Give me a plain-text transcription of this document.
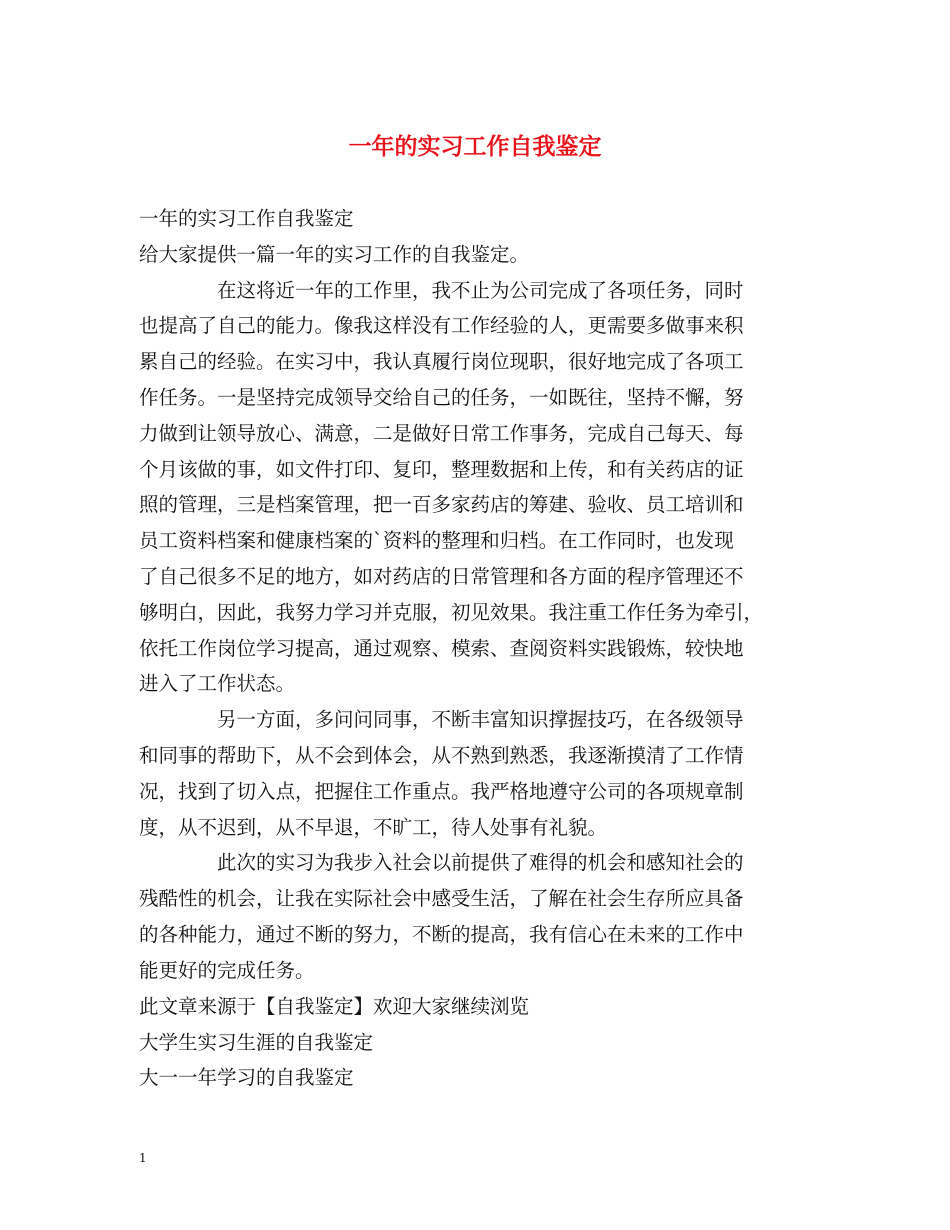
一年的实习工作自我鉴定

一年的实习工作自我鉴定

给大家提供一篇一年的实习工作的自我鉴定。

　　　　在这将近一年的工作里，我不止为公司完成了各项任务，同时

也提高了自己的能力。像我这样没有工作经验的人，更需要多做事来积

累自己的经验。在实习中，我认真履行岗位现职，很好地完成了各项工

作任务。一是坚持完成领导交给自己的任务，一如既往，坚持不懈，努

力做到让领导放心、满意，二是做好日常工作事务，完成自己每天、每

个月该做的事，如文件打印、复印，整理数据和上传，和有关药店的证

照的管理，三是档案管理，把一百多家药店的筹建、验收、员工培训和

员工资料档案和健康档案的`资料的整理和归档。在工作同时，也发现

了自己很多不足的地方，如对药店的日常管理和各方面的程序管理还不

够明白，因此，我努力学习并克服，初见效果。我注重工作任务为牵引，

依托工作岗位学习提高，通过观察、模索、查阅资料实践锻炼，较快地

进入了工作状态。

　　　　另一方面，多问问同事，不断丰富知识撑握技巧，在各级领导

和同事的帮助下，从不会到体会，从不熟到熟悉，我逐渐摸清了工作情

况，找到了切入点，把握住工作重点。我严格地遵守公司的各项规章制

度，从不迟到，从不早退，不旷工，待人处事有礼貌。

　　　　此次的实习为我步入社会以前提供了难得的机会和感知社会的

残酷性的机会，让我在实际社会中感受生活，了解在社会生存所应具备

的各种能力，通过不断的努力，不断的提高，我有信心在未来的工作中

能更好的完成任务。

此文章来源于【自我鉴定】欢迎大家继续浏览

大学生实习生涯的自我鉴定

大一一年学习的自我鉴定

1
